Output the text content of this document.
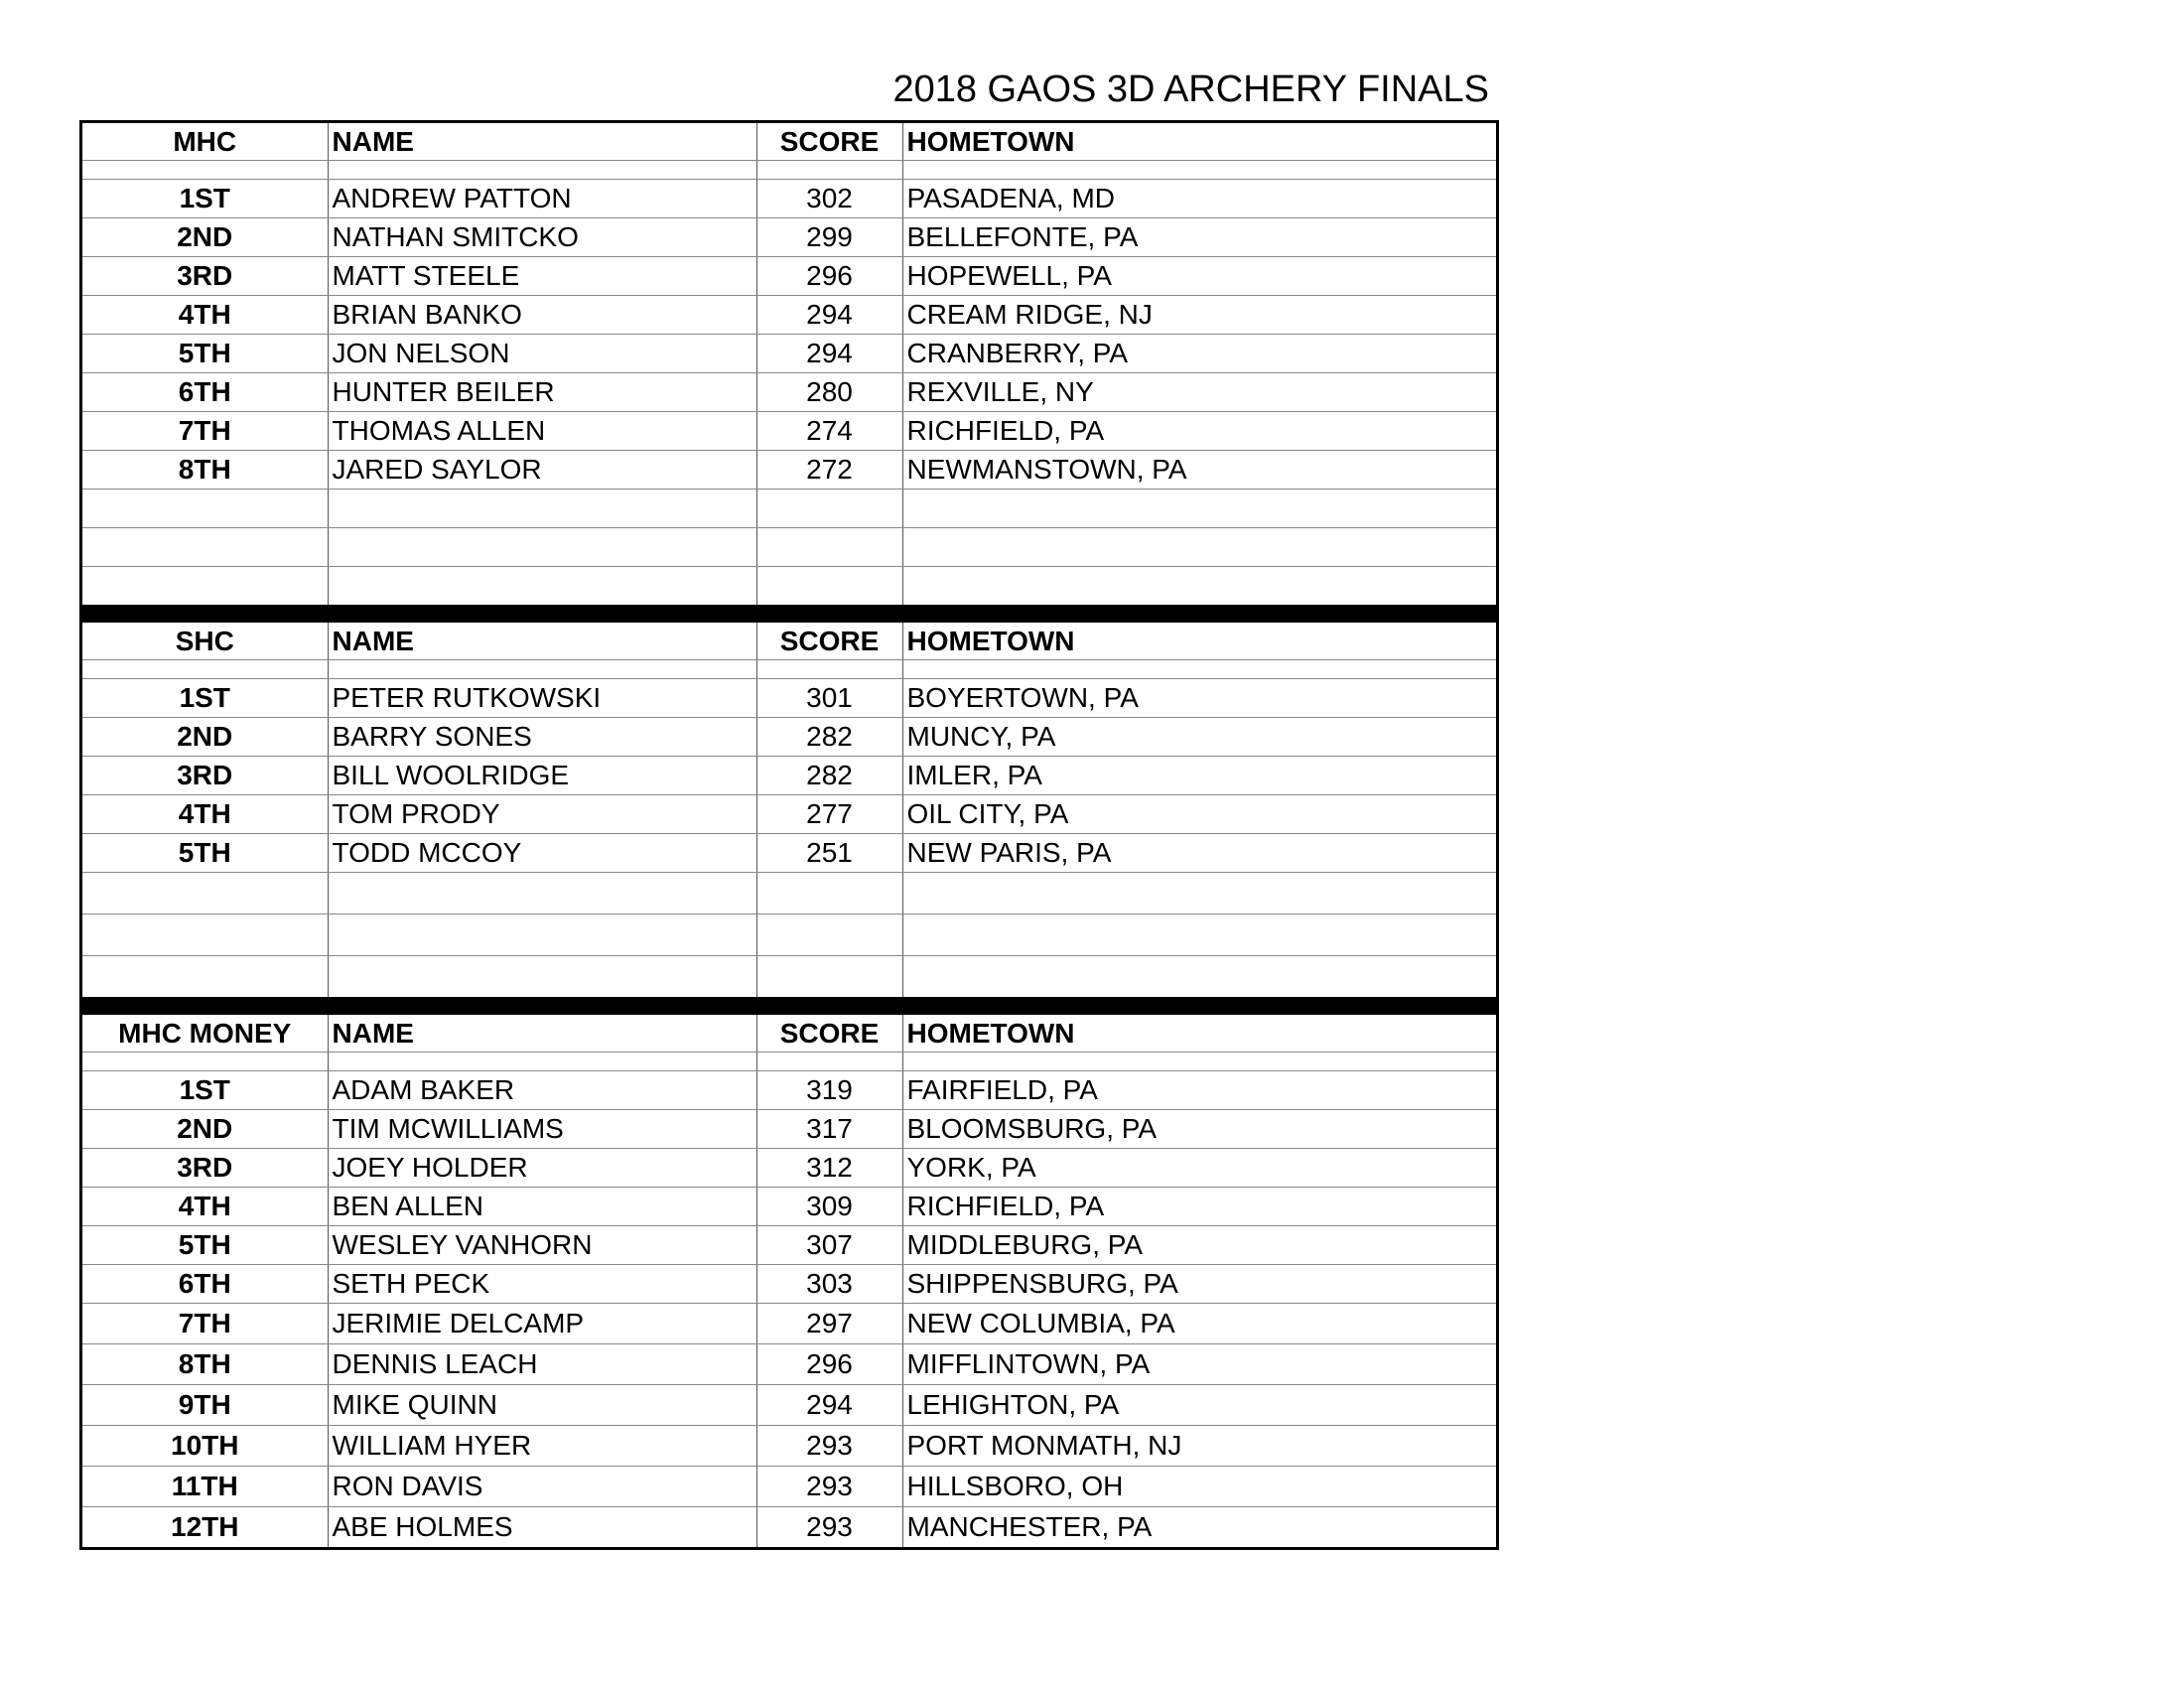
2018 GAOS 3D ARCHERY FINALS
MHC	NAME	SCORE	HOMETOWN

1ST	ANDREW PATTON	302	PASADENA, MD
2ND	NATHAN SMITCKO	299	BELLEFONTE, PA
3RD	MATT STEELE	296	HOPEWELL, PA
4TH	BRIAN BANKO	294	CREAM RIDGE, NJ
5TH	JON NELSON	294	CRANBERRY, PA
6TH	HUNTER BEILER	280	REXVILLE, NY
7TH	THOMAS ALLEN	274	RICHFIELD, PA
8TH	JARED SAYLOR	272	NEWMANSTOWN, PA

SHC	NAME	SCORE	HOMETOWN

1ST	PETER RUTKOWSKI	301	BOYERTOWN, PA
2ND	BARRY SONES	282	MUNCY, PA
3RD	BILL WOOLRIDGE	282	IMLER, PA
4TH	TOM PRODY	277	OIL CITY, PA
5TH	TODD MCCOY	251	NEW PARIS, PA

MHC MONEY	NAME	SCORE	HOMETOWN

1ST	ADAM BAKER	319	FAIRFIELD, PA
2ND	TIM MCWILLIAMS	317	BLOOMSBURG, PA
3RD	JOEY HOLDER	312	YORK, PA
4TH	BEN ALLEN	309	RICHFIELD, PA
5TH	WESLEY VANHORN	307	MIDDLEBURG, PA
6TH	SETH PECK	303	SHIPPENSBURG, PA
7TH	JERIMIE DELCAMP	297	NEW COLUMBIA, PA
8TH	DENNIS LEACH	296	MIFFLINTOWN, PA
9TH	MIKE QUINN	294	LEHIGHTON, PA
10TH	WILLIAM HYER	293	PORT MONMATH, NJ
11TH	RON DAVIS	293	HILLSBORO, OH
12TH	ABE HOLMES	293	MANCHESTER, PA
